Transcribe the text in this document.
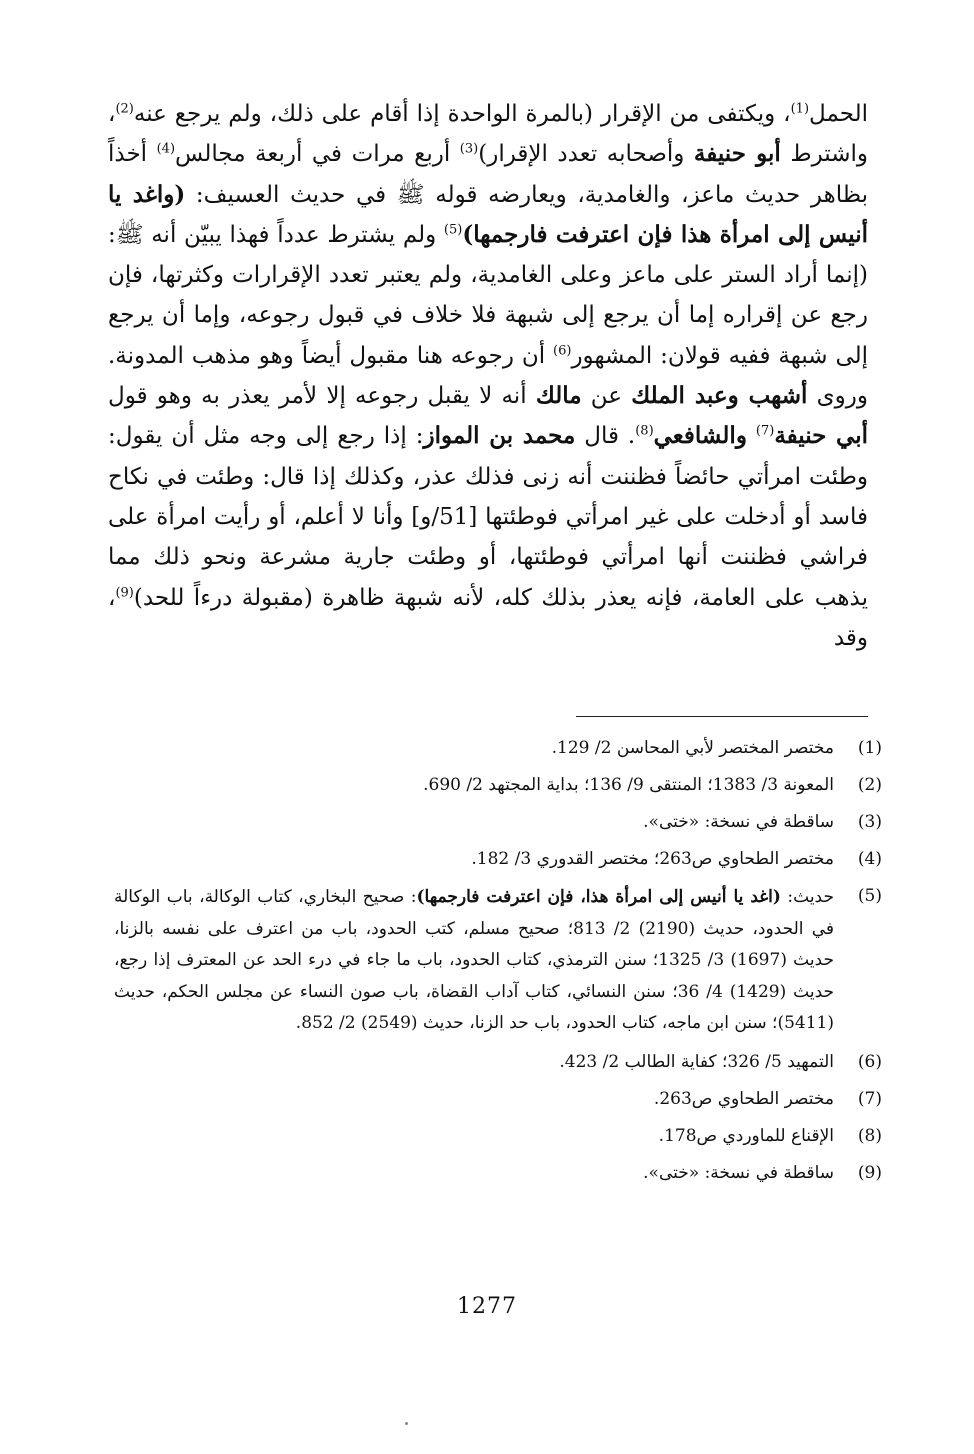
الحمل$^{(1)}$، ويكتفى من الإقرار (بالمرة الواحدة إذا أقام على ذلك، ولم يرجع عنه$^{(2)}$، واشترط أبو حنيفة وأصحابه تعدد الإقرار)$^{(3)}$ أربع مرات في أربعة مجالس$^{(4)}$ أخذاً بظاهر حديث ماعز، والغامدية، ويعارضه قوله ﷺ في حديث العسيف: (واغد يا أنيس إلى امرأة هذا فإن اعترفت فارجمها)$^{(5)}$ ولم يشترط عدداً فهذا يبيّن أنه ﷺ: (إنما أراد الستر على ماعز وعلى الغامدية، ولم يعتبر تعدد الإقرارات وكثرتها، فإن رجع عن إقراره إما أن يرجع إلى شبهة فلا خلاف في قبول رجوعه، وإما أن يرجع إلى شبهة ففيه قولان: المشهور$^{(6)}$ أن رجوعه هنا مقبول أيضاً وهو مذهب المدونة. وروى أشهب وعبد الملك عن مالك أنه لا يقبل رجوعه إلا لأمر يعذر به وهو قول أبي حنيفة$^{(7)}$ والشافعي$^{(8)}$. قال محمد بن المواز: إذا رجع إلى وجه مثل أن يقول: وطئت امرأتي حائضاً فظننت أنه زنى فذلك عذر، وكذلك إذا قال: وطئت في نكاح فاسد أو أدخلت على غير امرأتي فوطئتها [51/و] وأنا لا أعلم، أو رأيت امرأة على فراشي فظننت أنها امرأتي فوطئتها، أو وطئت جارية مشرعة ونحو ذلك مما يذهب على العامة، فإنه يعذر بذلك كله، لأنه شبهة ظاهرة (مقبولة درءاً للحد)$^{(9)}$، وقد
(1)
مختصر المختصر لأبي المحاسن 2/ 129.
(2)
المعونة 3/ 1383؛ المنتقى 9/ 136؛ بداية المجتهد 2/ 690.
(3)
ساقطة في نسخة: «ختى».
(4)
مختصر الطحاوي ص263؛ مختصر القدوري 3/ 182.
(5)
حديث: (اغد يا أنيس إلى امرأة هذا، فإن اعترفت فارجمها): صحيح البخاري، كتاب الوكالة، باب الوكالة في الحدود، حديث (2190) 2/ 813؛ صحيح مسلم، كتب الحدود، باب من اعترف على نفسه بالزنا، حديث (1697) 3/ 1325؛ سنن الترمذي، كتاب الحدود، باب ما جاء في درء الحد عن المعترف إذا رجع، حديث (1429) 4/ 36؛ سنن النسائي، كتاب آداب القضاة، باب صون النساء عن مجلس الحكم، حديث (5411)؛ سنن ابن ماجه، كتاب الحدود، باب حد الزنا، حديث (2549) 2/ 852.
(6)
التمهيد 5/ 326؛ كفاية الطالب 2/ 423.
(7)
مختصر الطحاوي ص263.
(8)
الإقناع للماوردي ص178.
(9)
ساقطة في نسخة: «ختى».
1277
